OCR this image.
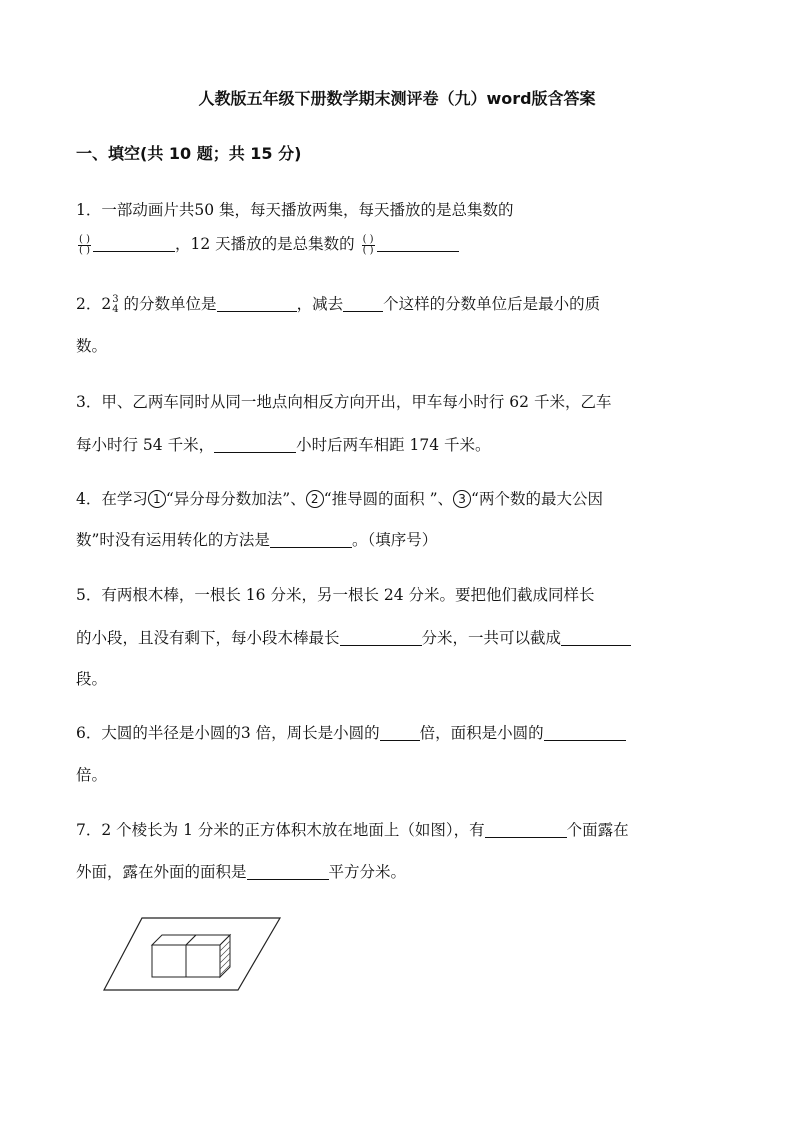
人教版五年级下册数学期末测评卷（九）word版含答案
一、填空(共 10 题；共 15 分)
1．一部动画片共50 集，每天播放两集，每天播放的是总集数的
$\frac{( )}{( )}$	，12 天播放的是总集数的 $\frac{( )}{( )}$
2．2 3
4 的分数单位是	，减去	个这样的分数单位后是最小的质
数。
3．甲、乙两车同时从同一地点向相反方向开出，甲车每小时行 62 千米，乙车
每小时行 54 千米，	小时后两车相距 174 千米。
4．在学习 1 “异分母分数加法”、 2 “推导圆的面积 ”、 3 “两个数的最大公因
数”时没有运用转化的方法是	。（填序号）
5．有两根木棒，一根长 16 分米，另一根长 24 分米。要把他们截成同样长
的小段，且没有剩下，每小段木棒最长	分米，一共可以截成
段。
6．大圆的半径是小圆的3 倍，周长是小圆的	倍，面积是小圆的
倍。
7．2 个棱长为 1 分米的正方体积木放在地面上（如图），有	个面露在
外面，露在外面的面积是	平方分米。
